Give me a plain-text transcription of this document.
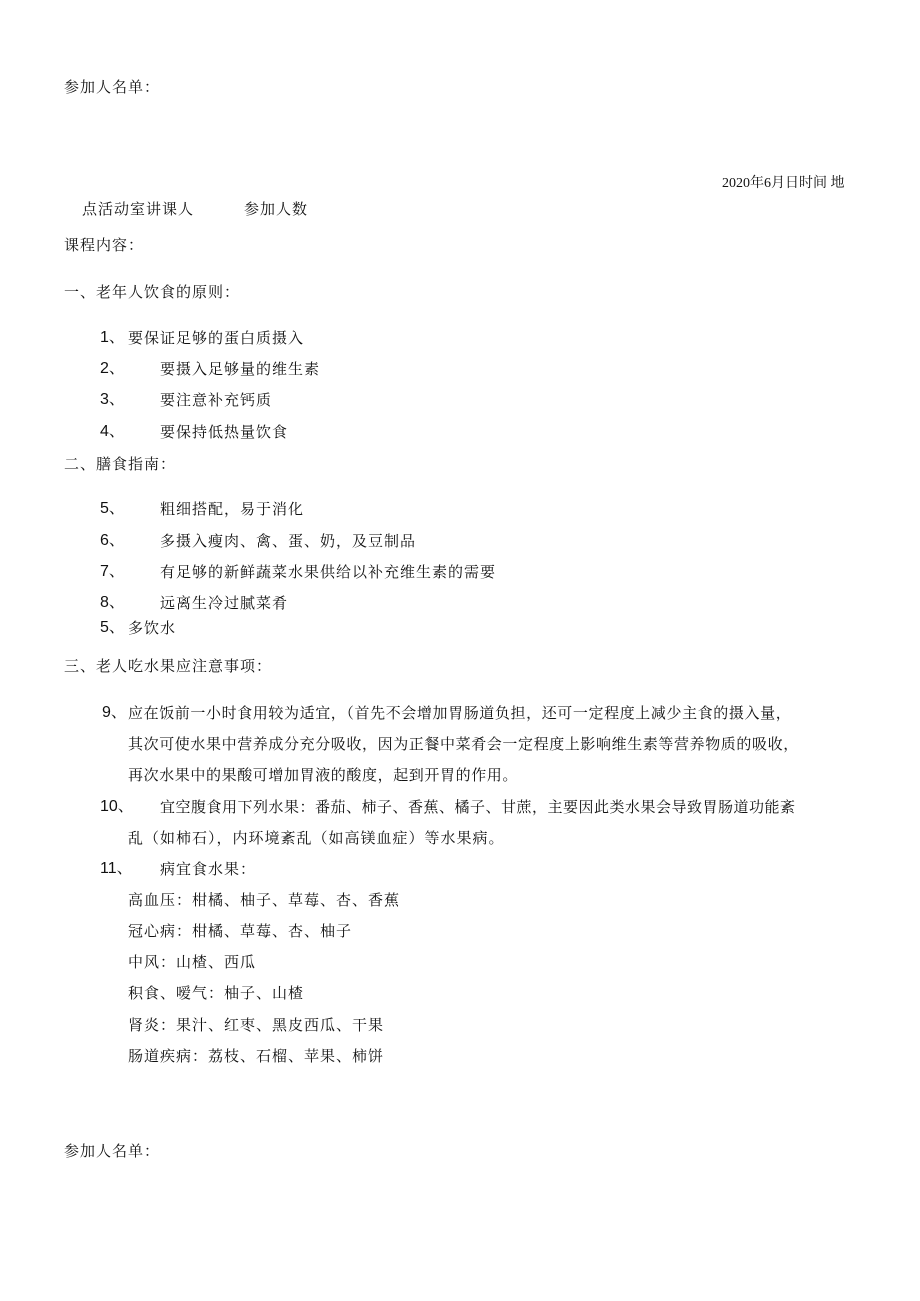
参加人名单：
2020年6月日时间 地
点活动室讲课人	参加人数
课程内容：
一、老年人饮食的原则：
1、 要保证足够的蛋白质摄入
2、 要摄入足够量的维生素
3、 要注意补充钙质
4、 要保持低热量饮食
二、膳食指南：
5、 粗细搭配，易于消化
6、 多摄入瘦肉、禽、蛋、奶，及豆制品
7、 有足够的新鲜蔬菜水果供给以补充维生素的需要
8、 远离生冷过腻菜肴
5、 多饮水
三、老人吃水果应注意事项：
9、 应在饭前一小时食用较为适宜，（首先不会增加胃肠道负担，还可一定程度上减少主食的摄入量，
其次可使水果中营养成分充分吸收，因为正餐中菜肴会一定程度上影响维生素等营养物质的吸收，
再次水果中的果酸可增加胃液的酸度，起到开胃的作用。
10、 宜空腹食用下列水果：番茄、柿子、香蕉、橘子、甘蔗，主要因此类水果会导致胃肠道功能紊
乱（如柿石），内环境紊乱（如高镁血症）等水果病。
11、 病宜食水果：
高血压：柑橘、柚子、草莓、杏、香蕉
冠心病：柑橘、草莓、杏、柚子
中风：山楂、西瓜
积食、嗳气：柚子、山楂
肾炎：果汁、红枣、黑皮西瓜、干果
肠道疾病：荔枝、石榴、苹果、柿饼
参加人名单：
